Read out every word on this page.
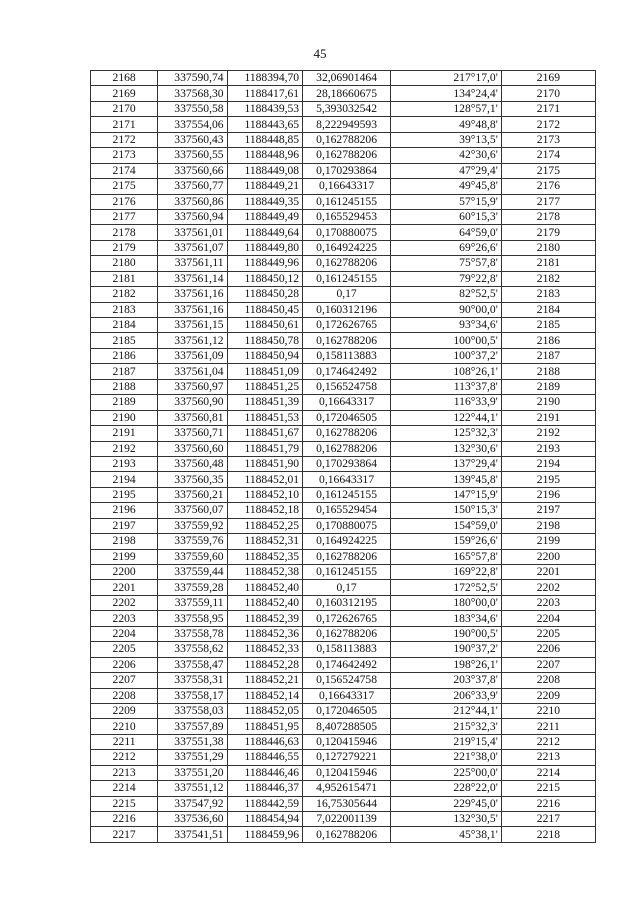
45
2168	337590,74	1188394,70	32,06901464	217°17,0'	2169
2169	337568,30	1188417,61	28,18660675	134°24,4'	2170
2170	337550,58	1188439,53	5,393032542	128°57,1'	2171
2171	337554,06	1188443,65	8,222949593	49°48,8'	2172
2172	337560,43	1188448,85	0,162788206	39°13,5'	2173
2173	337560,55	1188448,96	0,162788206	42°30,6'	2174
2174	337560,66	1188449,08	0,170293864	47°29,4'	2175
2175	337560,77	1188449,21	0,16643317	49°45,8'	2176
2176	337560,86	1188449,35	0,161245155	57°15,9'	2177
2177	337560,94	1188449,49	0,165529453	60°15,3'	2178
2178	337561,01	1188449,64	0,170880075	64°59,0'	2179
2179	337561,07	1188449,80	0,164924225	69°26,6'	2180
2180	337561,11	1188449,96	0,162788206	75°57,8'	2181
2181	337561,14	1188450,12	0,161245155	79°22,8'	2182
2182	337561,16	1188450,28	0,17	82°52,5'	2183
2183	337561,16	1188450,45	0,160312196	90°00,0'	2184
2184	337561,15	1188450,61	0,172626765	93°34,6'	2185
2185	337561,12	1188450,78	0,162788206	100°00,5'	2186
2186	337561,09	1188450,94	0,158113883	100°37,2'	2187
2187	337561,04	1188451,09	0,174642492	108°26,1'	2188
2188	337560,97	1188451,25	0,156524758	113°37,8'	2189
2189	337560,90	1188451,39	0,16643317	116°33,9'	2190
2190	337560,81	1188451,53	0,172046505	122°44,1'	2191
2191	337560,71	1188451,67	0,162788206	125°32,3'	2192
2192	337560,60	1188451,79	0,162788206	132°30,6'	2193
2193	337560,48	1188451,90	0,170293864	137°29,4'	2194
2194	337560,35	1188452,01	0,16643317	139°45,8'	2195
2195	337560,21	1188452,10	0,161245155	147°15,9'	2196
2196	337560,07	1188452,18	0,165529454	150°15,3'	2197
2197	337559,92	1188452,25	0,170880075	154°59,0'	2198
2198	337559,76	1188452,31	0,164924225	159°26,6'	2199
2199	337559,60	1188452,35	0,162788206	165°57,8'	2200
2200	337559,44	1188452,38	0,161245155	169°22,8'	2201
2201	337559,28	1188452,40	0,17	172°52,5'	2202
2202	337559,11	1188452,40	0,160312195	180°00,0'	2203
2203	337558,95	1188452,39	0,172626765	183°34,6'	2204
2204	337558,78	1188452,36	0,162788206	190°00,5'	2205
2205	337558,62	1188452,33	0,158113883	190°37,2'	2206
2206	337558,47	1188452,28	0,174642492	198°26,1'	2207
2207	337558,31	1188452,21	0,156524758	203°37,8'	2208
2208	337558,17	1188452,14	0,16643317	206°33,9'	2209
2209	337558,03	1188452,05	0,172046505	212°44,1'	2210
2210	337557,89	1188451,95	8,407288505	215°32,3'	2211
2211	337551,38	1188446,63	0,120415946	219°15,4'	2212
2212	337551,29	1188446,55	0,127279221	221°38,0'	2213
2213	337551,20	1188446,46	0,120415946	225°00,0'	2214
2214	337551,12	1188446,37	4,952615471	228°22,0'	2215
2215	337547,92	1188442,59	16,75305644	229°45,0'	2216
2216	337536,60	1188454,94	7,022001139	132°30,5'	2217
2217	337541,51	1188459,96	0,162788206	45°38,1'	2218
